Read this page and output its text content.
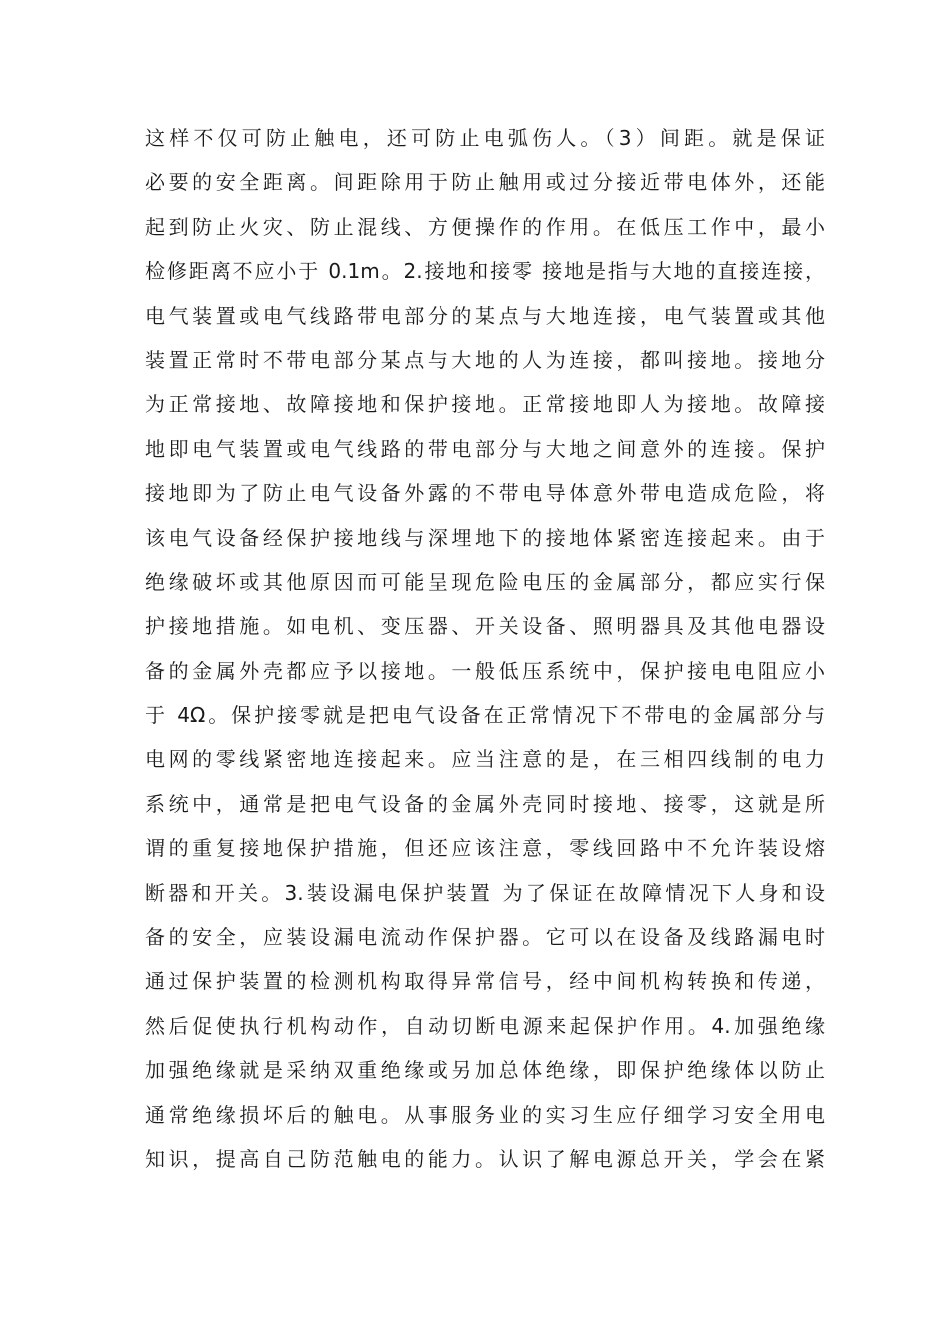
这样不仅可防止触电，还可防止电弧伤人。（3）间距。就是保证
必要的安全距离。间距除用于防止触用或过分接近带电体外，还能
起到防止火灾、防止混线、方便操作的作用。在低压工作中，最小
检修距离不应小于 0.1m。2.接地和接零 接地是指与大地的直接连接，
电气装置或电气线路带电部分的某点与大地连接，电气装置或其他
装置正常时不带电部分某点与大地的人为连接，都叫接地。接地分
为正常接地、故障接地和保护接地。正常接地即人为接地。故障接
地即电气装置或电气线路的带电部分与大地之间意外的连接。保护
接地即为了防止电气设备外露的不带电导体意外带电造成危险，将
该电气设备经保护接地线与深埋地下的接地体紧密连接起来。由于
绝缘破坏或其他原因而可能呈现危险电压的金属部分，都应实行保
护接地措施。如电机、变压器、开关设备、照明器具及其他电器设
备的金属外壳都应予以接地。一般低压系统中，保护接电电阻应小
于 4Ω。保护接零就是把电气设备在正常情况下不带电的金属部分与
电网的零线紧密地连接起来。应当注意的是，在三相四线制的电力
系统中，通常是把电气设备的金属外壳同时接地、接零，这就是所
谓的重复接地保护措施，但还应该注意，零线回路中不允许装设熔
断器和开关。3.装设漏电保护装置 为了保证在故障情况下人身和设
备的安全，应装设漏电流动作保护器。它可以在设备及线路漏电时
通过保护装置的检测机构取得异常信号，经中间机构转换和传递，
然后促使执行机构动作，自动切断电源来起保护作用。4.加强绝缘
加强绝缘就是采纳双重绝缘或另加总体绝缘，即保护绝缘体以防止
通常绝缘损坏后的触电。从事服务业的实习生应仔细学习安全用电
知识，提高自己防范触电的能力。认识了解电源总开关，学会在紧
